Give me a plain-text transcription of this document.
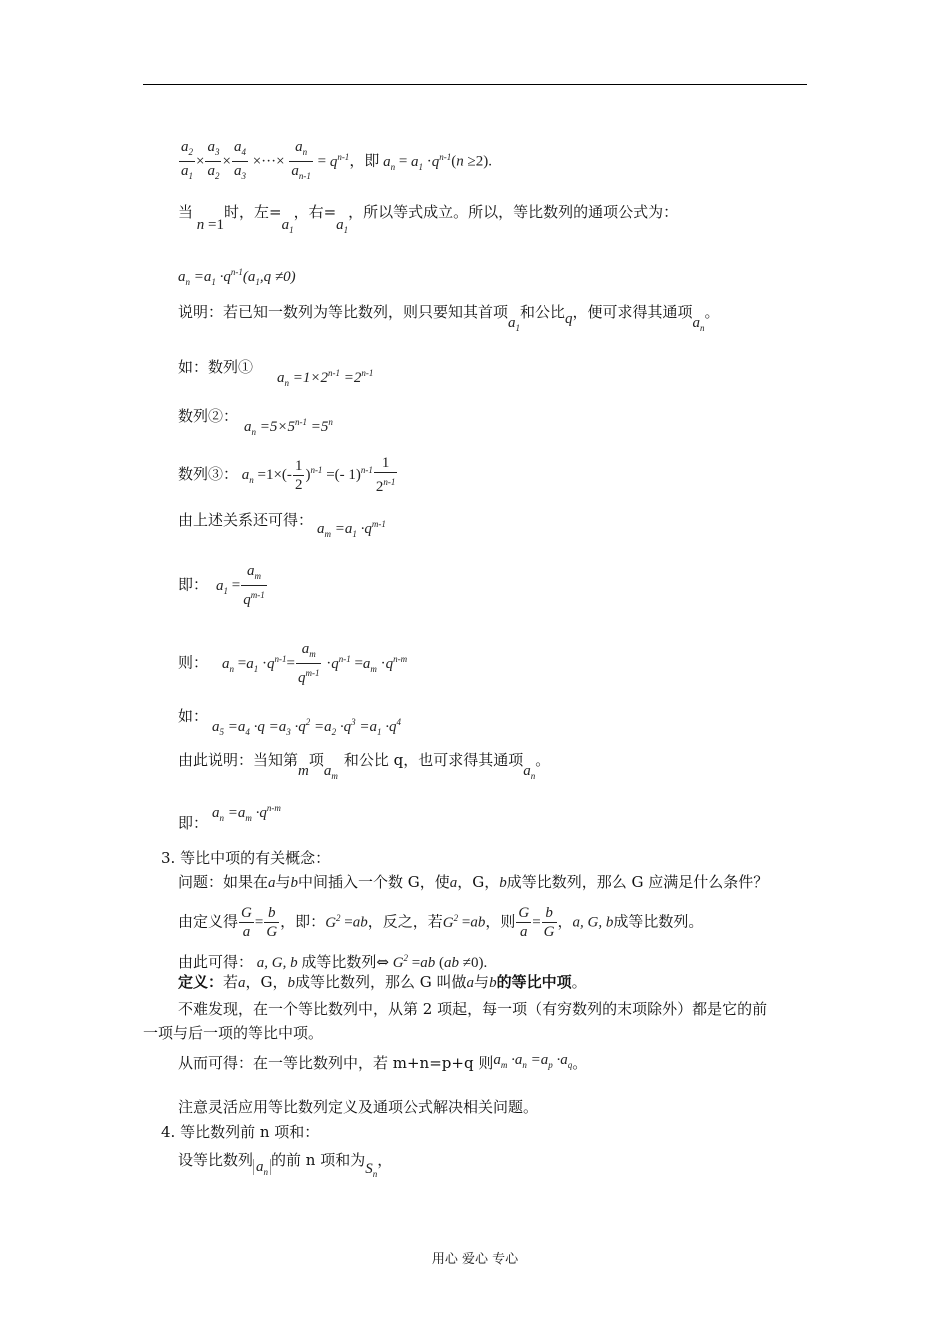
$\frac{a_2}{a_1} \times \frac{a_3}{a_2} \times \frac{a_4}{a_3}$ ×···× $\frac{a_n}{a_{n-1}} = q^{n-1}$，即 $a_n = a_1 \cdot q^{n-1}(n \ge 2)$.
当 n =1时，左$=a_1$，右$=a_1$，所以等式成立。所以，等比数列的通项公式为：
$a_n =a_1 \cdot q^{n-1}(a_1,q \ne 0)$
说明：若已知一数列为等比数列，则只要知其首项$a_1$和公比q，便可求得其通项$a_n$。
如：数列$①a_n =1\times 2^{n-1} =2^{n-1}$
数列②：$a_n =5\times 5^{n-1} =5^n$
数列③： $a_n =1\times(- \frac{1}{2} )^{n-1}$ =(- $1)^{n-1} \frac{1}{2^{n-1}}$
由上述关系还可得： $a_m =a_1 \cdot q^{m-1}$
即： $a_1 = \frac{a_m}{q^{m-1}}$
则： $a_n =a_1 \cdot q^{n-1}= \frac{a_m}{q^{m-1}} \cdot q^{n-1} =a_m \cdot q^{n-m}$
如：$a_5 =a_4 \cdot q =a_3 \cdot q^2 =a_2 \cdot q^3 =a_1 \cdot q^4$
由此说明：当知第m项$a_m$和公比 q，也可求得其通项$a_n$。
$a_n =a_m \cdot q^{n-m}$
即：
3. 等比中项的有关概念：
问题：如果在a与b中间插入一个数 G，使a，G，b成等比数列，那么 G 应满足什么条件？
由定义得 $\frac{G}{a} = \frac{b}{G}$ ，即：$G^2 =ab$，反之，若$G^2 =ab$，则 $\frac{G}{a} = \frac{b}{G}$ ，a, G, b成等比数列。
由此可得： a, G, b 成等比数列⇔ $G^2 =ab$ (ab ≠0).
定义：若a，G，b成等比数列，那么 G 叫做a与b的等比中项。
不难发现，在一个等比数列中，从第 2 项起，每一项（有穷数列的末项除外）都是它的前
一项与后一项的等比中项。
从而可得：在一等比数列中，若 m+n=p+q 则$a_m \cdot a_n =a_p \cdot a_q$。
注意灵活应用等比数列定义及通项公式解决相关问题。
4. 等比数列前 n 项和：
设等比数列 $a_n$的前 n 项和为$S_n$，
用心 爱心 专心
